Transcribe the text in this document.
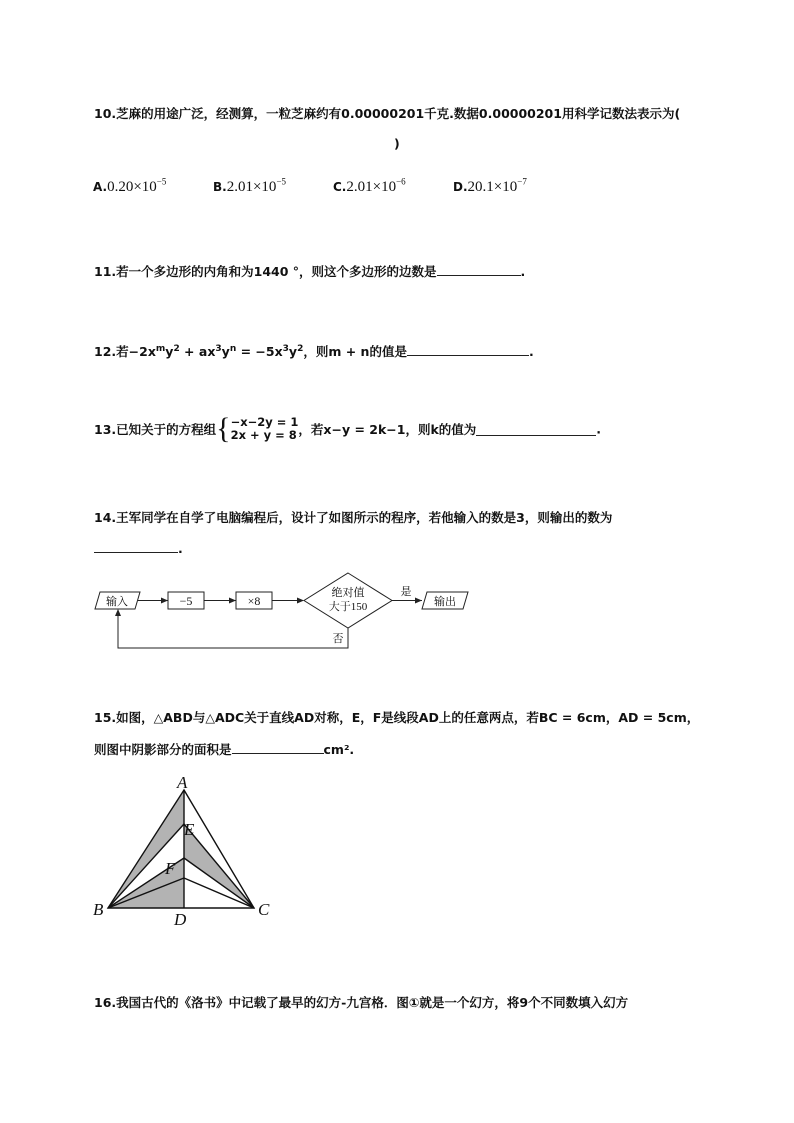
10.芝麻的用途广泛，经测算，一粒芝麻约有0.00000201千克.数据0.00000201用科学记数法表示为(
)
$A.0.20\times 10^{-5}$	$B.2.01\times 10^{-5}$	$C.2.01\times 10^{-6}$	$D.20.1\times 10^{-7}$
11.若一个多边形的内角和为1440 °，则这个多边形的边数是	.
12.若$-2x^my^2 + ax^3y^n = -5x^3y^2$，则m + n的值是	.
13.已知关于的方程组{−x−2y = 1
2x + y = 8 ，若x−y = 2k−1，则k的值为	.
14.王军同学在自学了电脑编程后，设计了如图所示的程序，若他输入的数是3，则输出的数为
.
输入	−5	×8
绝对值
大于150
是
输出
否
15.如图，△ABD与△ADC关于直线AD对称，E，F是线段AD上的任意两点，若BC = 6cm，AD = 5cm，
则图中阴影部分的面积是	cm².
A
B	C
D
E
F
16.我国古代的《洛书》中记载了最早的幻方-九宫格．图①就是一个幻方，将9个不同数填入幻方
